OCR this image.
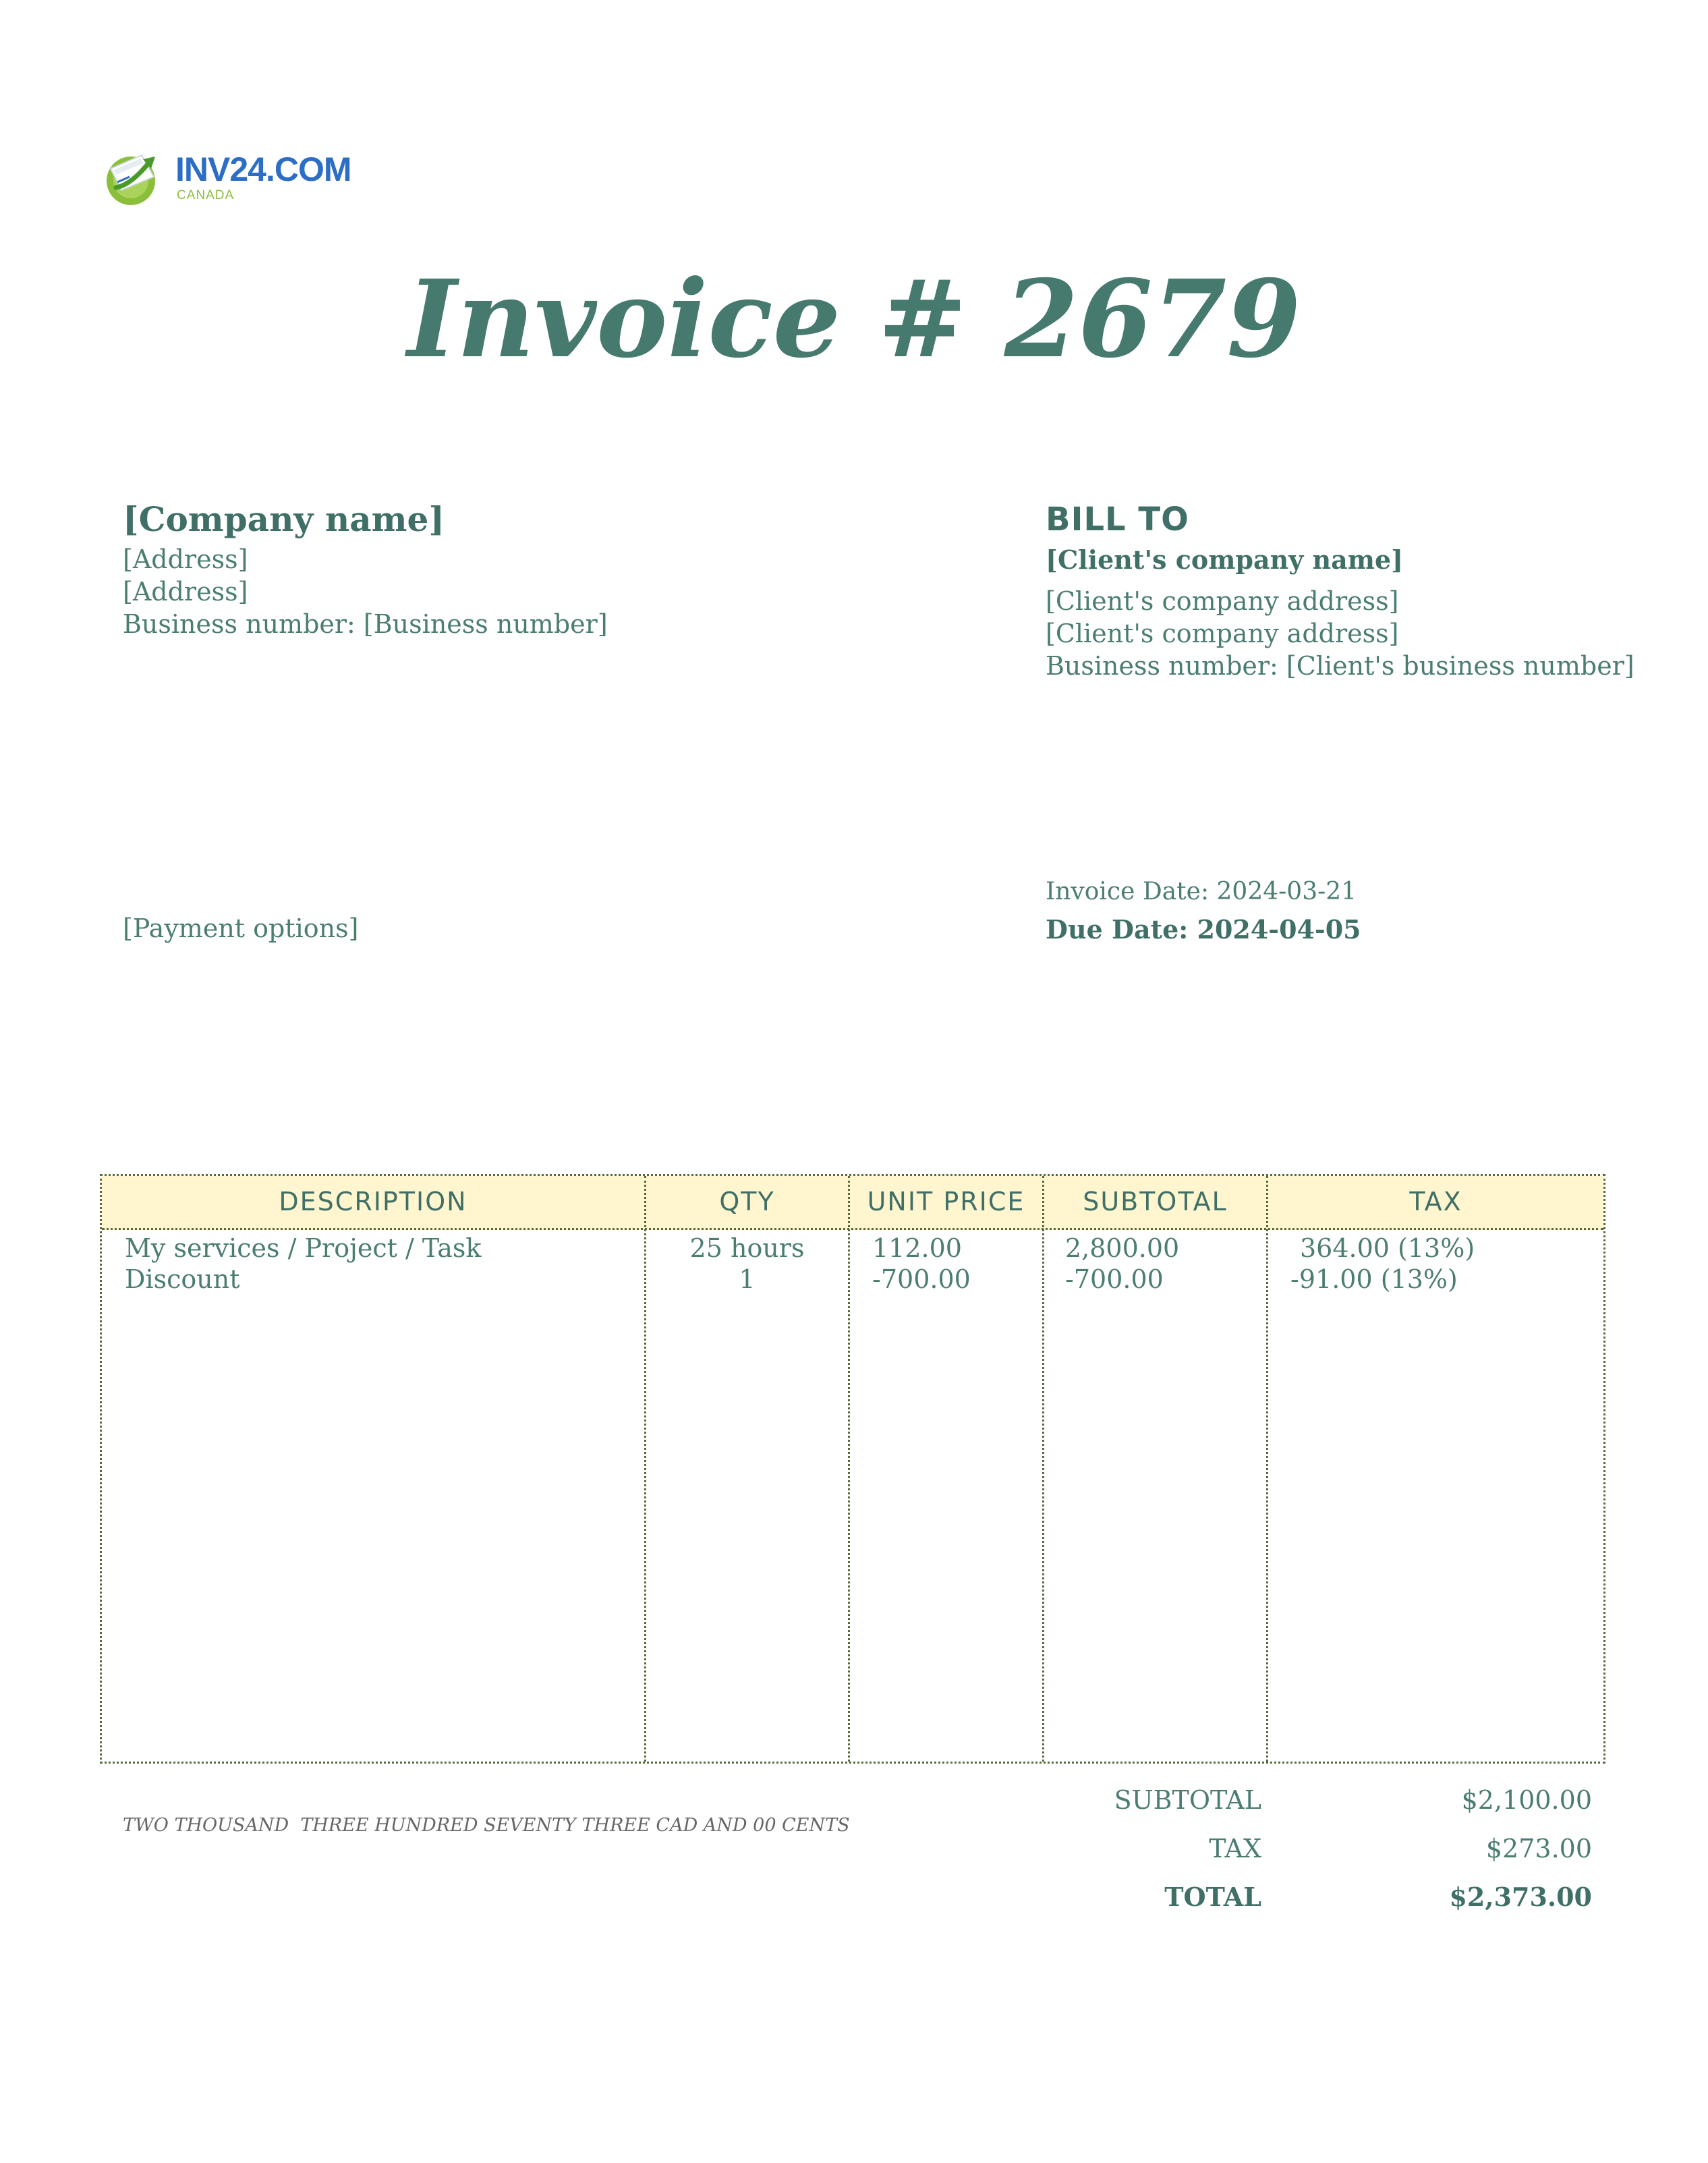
INV24.COM
CANADA
Invoice # 2679
[Company name]
[Address]
[Address]
Business number: [Business number]
BILL TO
[Client's company name]
[Client's company address]
[Client's company address]
Business number: [Client's business number]
[Payment options]
Invoice Date: 2024-03-21
Due Date: 2024-04-05
DESCRIPTION	QTY	UNIT PRICE	SUBTOTAL	TAX
My services / Project / Task	25 hours	112.00	2,800.00	364.00 (13%)
Discount	1	-700.00	-700.00	-91.00 (13%)
TWO THOUSAND  THREE HUNDRED SEVENTY THREE CAD AND 00 CENTS
SUBTOTAL	$2,100.00
TAX	$273.00
TOTAL	$2,373.00
